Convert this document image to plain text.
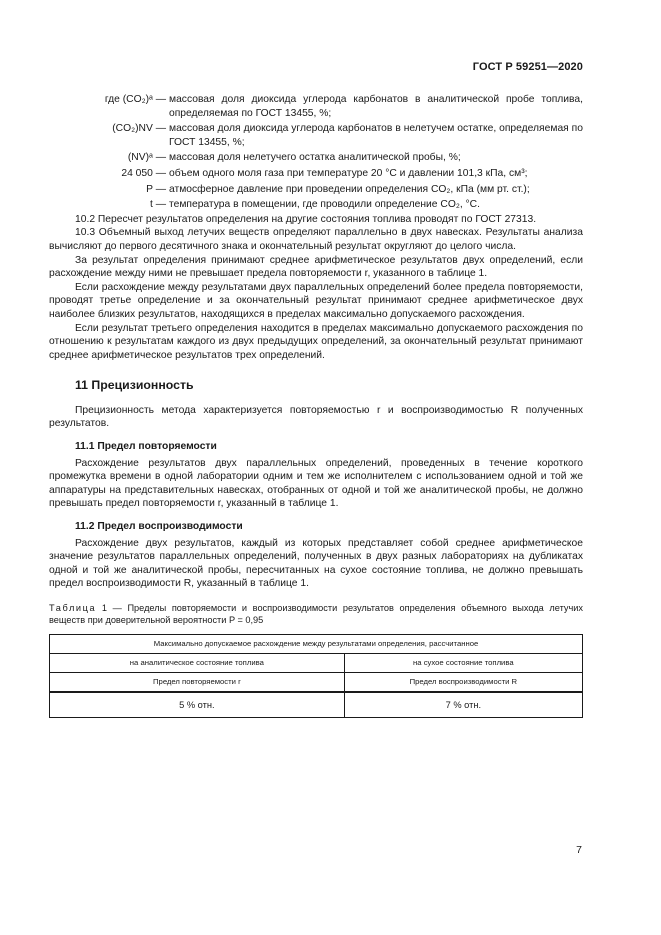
ГОСТ Р 59251—2020
где (CO₂)ᵃ — массовая доля диоксида углерода карбонатов в аналитической пробе топлива, определяемая по ГОСТ 13455, %;
(CO₂)NV — массовая доля диоксида углерода карбонатов в нелетучем остатке, определяемая по ГОСТ 13455, %;
(NV)ᵃ — массовая доля нелетучего остатка аналитической пробы, %;
24 050 — объем одного моля газа при температуре 20 °С и давлении 101,3 кПа, см³;
P — атмосферное давление при проведении определения CO₂, кПа (мм рт. ст.);
t — температура в помещении, где проводили определение CO₂, °С.

10.2 Пересчет результатов определения на другие состояния топлива проводят по ГОСТ 27313.

10.3 Объемный выход летучих веществ определяют параллельно в двух навесках. Результаты анализа вычисляют до первого десятичного знака и окончательный результат округляют до целого числа.

За результат определения принимают среднее арифметическое результатов двух определений, если расхождение между ними не превышает предела повторяемости r, указанного в таблице 1.

Если расхождение между результатами двух параллельных определений более предела повторяемости, проводят третье определение и за окончательный результат принимают среднее арифметическое двух наиболее близких результатов, находящихся в пределах максимально допускаемого расхождения.

Если результат третьего определения находится в пределах максимально допускаемого расхождения по отношению к результатам каждого из двух предыдущих определений, за окончательный результат принимают среднее арифметическое результатов трех определений.

11 Прецизионность

Прецизионность метода характеризуется повторяемостью r и воспроизводимостью R полученных результатов.

11.1 Предел повторяемости

Расхождение результатов двух параллельных определений, проведенных в течение короткого промежутка времени в одной лаборатории одним и тем же исполнителем с использованием одной и той же аппаратуры на представительных навесках, отобранных от одной и той же аналитической пробы, не должно превышать предел повторяемости r, указанный в таблице 1.

11.2 Предел воспроизводимости

Расхождение двух результатов, каждый из которых представляет собой среднее арифметическое значение результатов параллельных определений, полученных в двух разных лабораториях на дубликатах одной и той же аналитической пробы, пересчитанных на сухое состояние топлива, не должно превышать предел воспроизводимости R, указанный в таблице 1.

Таблица 1 — Пределы повторяемости и воспроизводимости результатов определения объемного выхода летучих веществ при доверительной вероятности P = 0,95
Максимально допускаемое расхождение между результатами определения, рассчитанное	
на аналитическое состояние топлива	на сухое состояние топлива
Предел повторяемости r	Предел воспроизводимости R
5 % отн.	7 % отн.
7
